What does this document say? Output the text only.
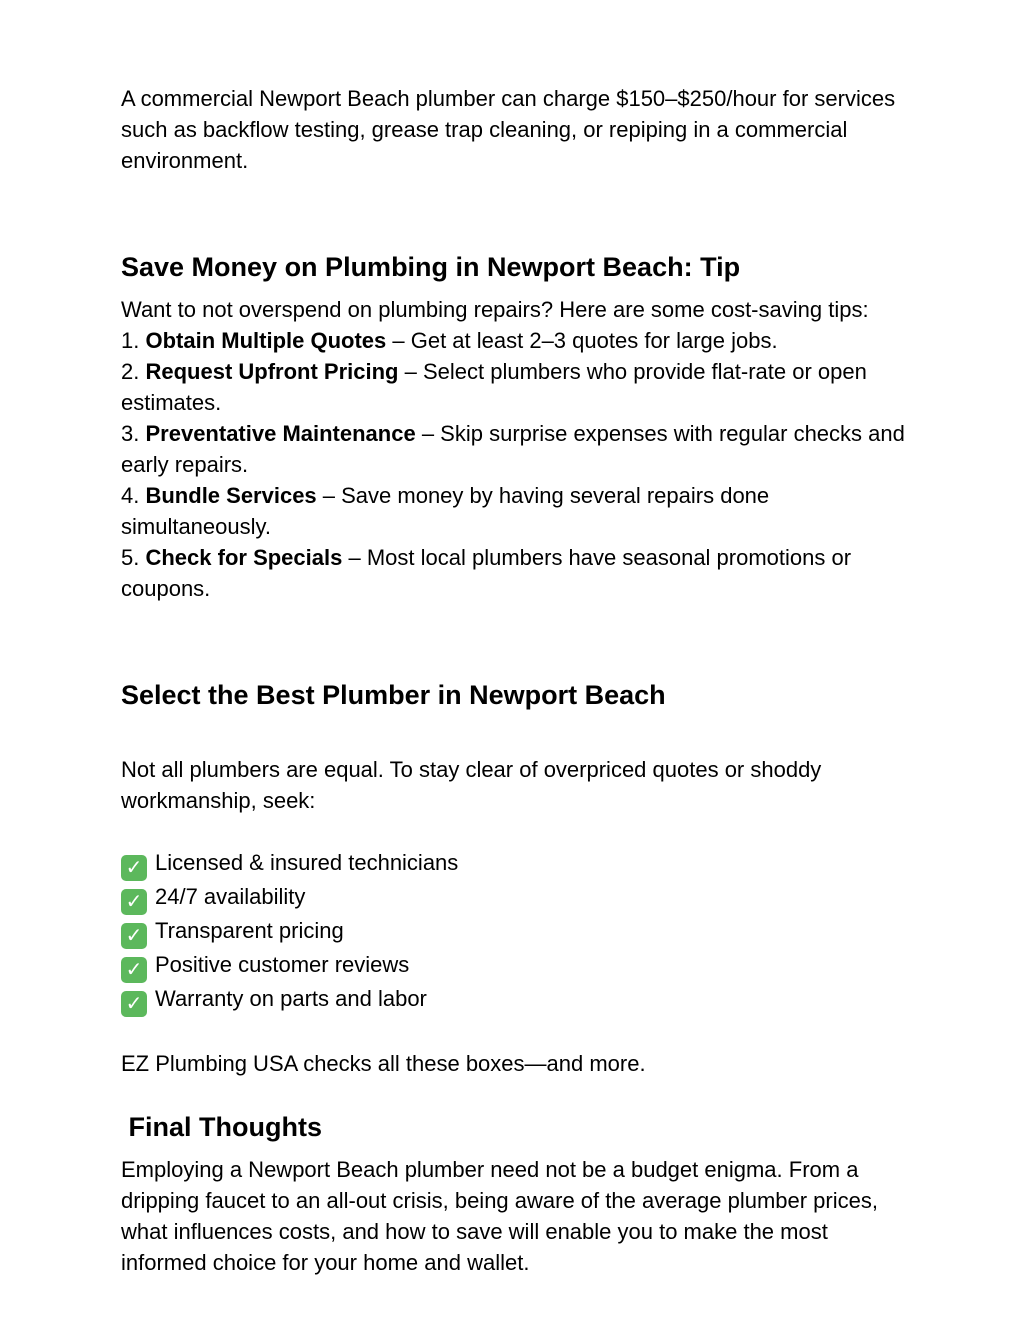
A commercial Newport Beach plumber can charge $150–$250/hour for services such as backflow testing, grease trap cleaning, or repiping in a commercial environment.

Save Money on Plumbing in Newport Beach: Tip

Want to not overspend on plumbing repairs? Here are some cost-saving tips:

1. Obtain Multiple Quotes – Get at least 2–3 quotes for large jobs.
2. Request Upfront Pricing – Select plumbers who provide flat-rate or open estimates.
3. Preventative Maintenance – Skip surprise expenses with regular checks and early repairs.
4. Bundle Services – Save money by having several repairs done simultaneously.
5. Check for Specials – Most local plumbers have seasonal promotions or coupons.

Select the Best Plumber in Newport Beach

Not all plumbers are equal. To stay clear of overpriced quotes or shoddy workmanship, seek:

✓ Licensed & insured technicians
✓ 24/7 availability
✓ Transparent pricing
✓ Positive customer reviews
✓ Warranty on parts and labor

EZ Plumbing USA checks all these boxes—and more.

Final Thoughts

Employing a Newport Beach plumber need not be a budget enigma. From a dripping faucet to an all-out crisis, being aware of the average plumber prices, what influences costs, and how to save will enable you to make the most informed choice for your home and wallet.
